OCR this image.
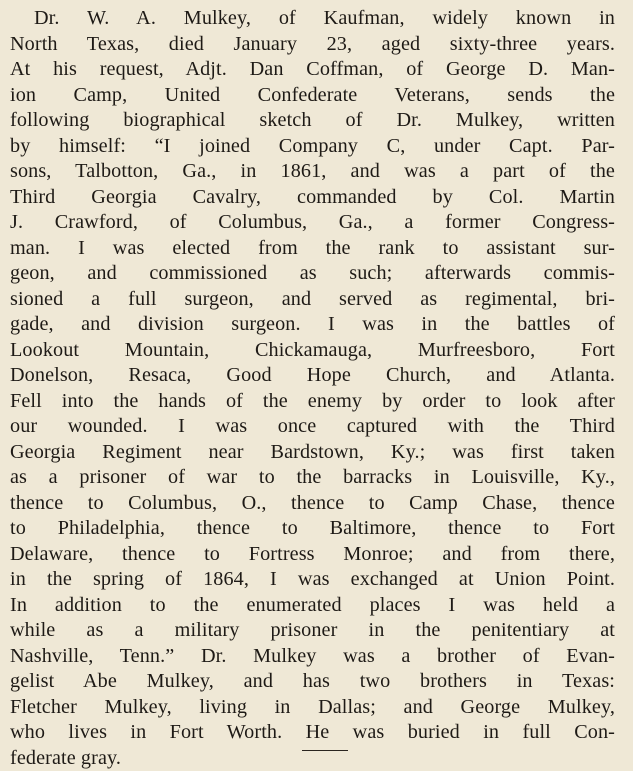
Dr. W. A. Mulkey, of Kaufman, widely known in
North Texas, died January 23, aged sixty-three years.
At his request, Adjt. Dan Coffman, of George D. Man-
ion Camp, United Confederate Veterans, sends the
following biographical sketch of Dr. Mulkey, written
by himself: “I joined Company C, under Capt. Par-
sons, Talbotton, Ga., in 1861, and was a part of the
Third Georgia Cavalry, commanded by Col. Martin
J. Crawford, of Columbus, Ga., a former Congress-
man. I was elected from the rank to assistant sur-
geon, and commissioned as such; afterwards commis-
sioned a full surgeon, and served as regimental, bri-
gade, and division surgeon. I was in the battles of
Lookout Mountain, Chickamauga, Murfreesboro, Fort
Donelson, Resaca, Good Hope Church, and Atlanta.
Fell into the hands of the enemy by order to look after
our wounded. I was once captured with the Third
Georgia Regiment near Bardstown, Ky.; was first taken
as a prisoner of war to the barracks in Louisville, Ky.,
thence to Columbus, O., thence to Camp Chase, thence
to Philadelphia, thence to Baltimore, thence to Fort
Delaware, thence to Fortress Monroe; and from there,
in the spring of 1864, I was exchanged at Union Point.
In addition to the enumerated places I was held a
while as a military prisoner in the penitentiary at
Nashville, Tenn.” Dr. Mulkey was a brother of Evan-
gelist Abe Mulkey, and has two brothers in Texas:
Fletcher Mulkey, living in Dallas; and George Mulkey,
who lives in Fort Worth. He was buried in full Con-
federate gray.
